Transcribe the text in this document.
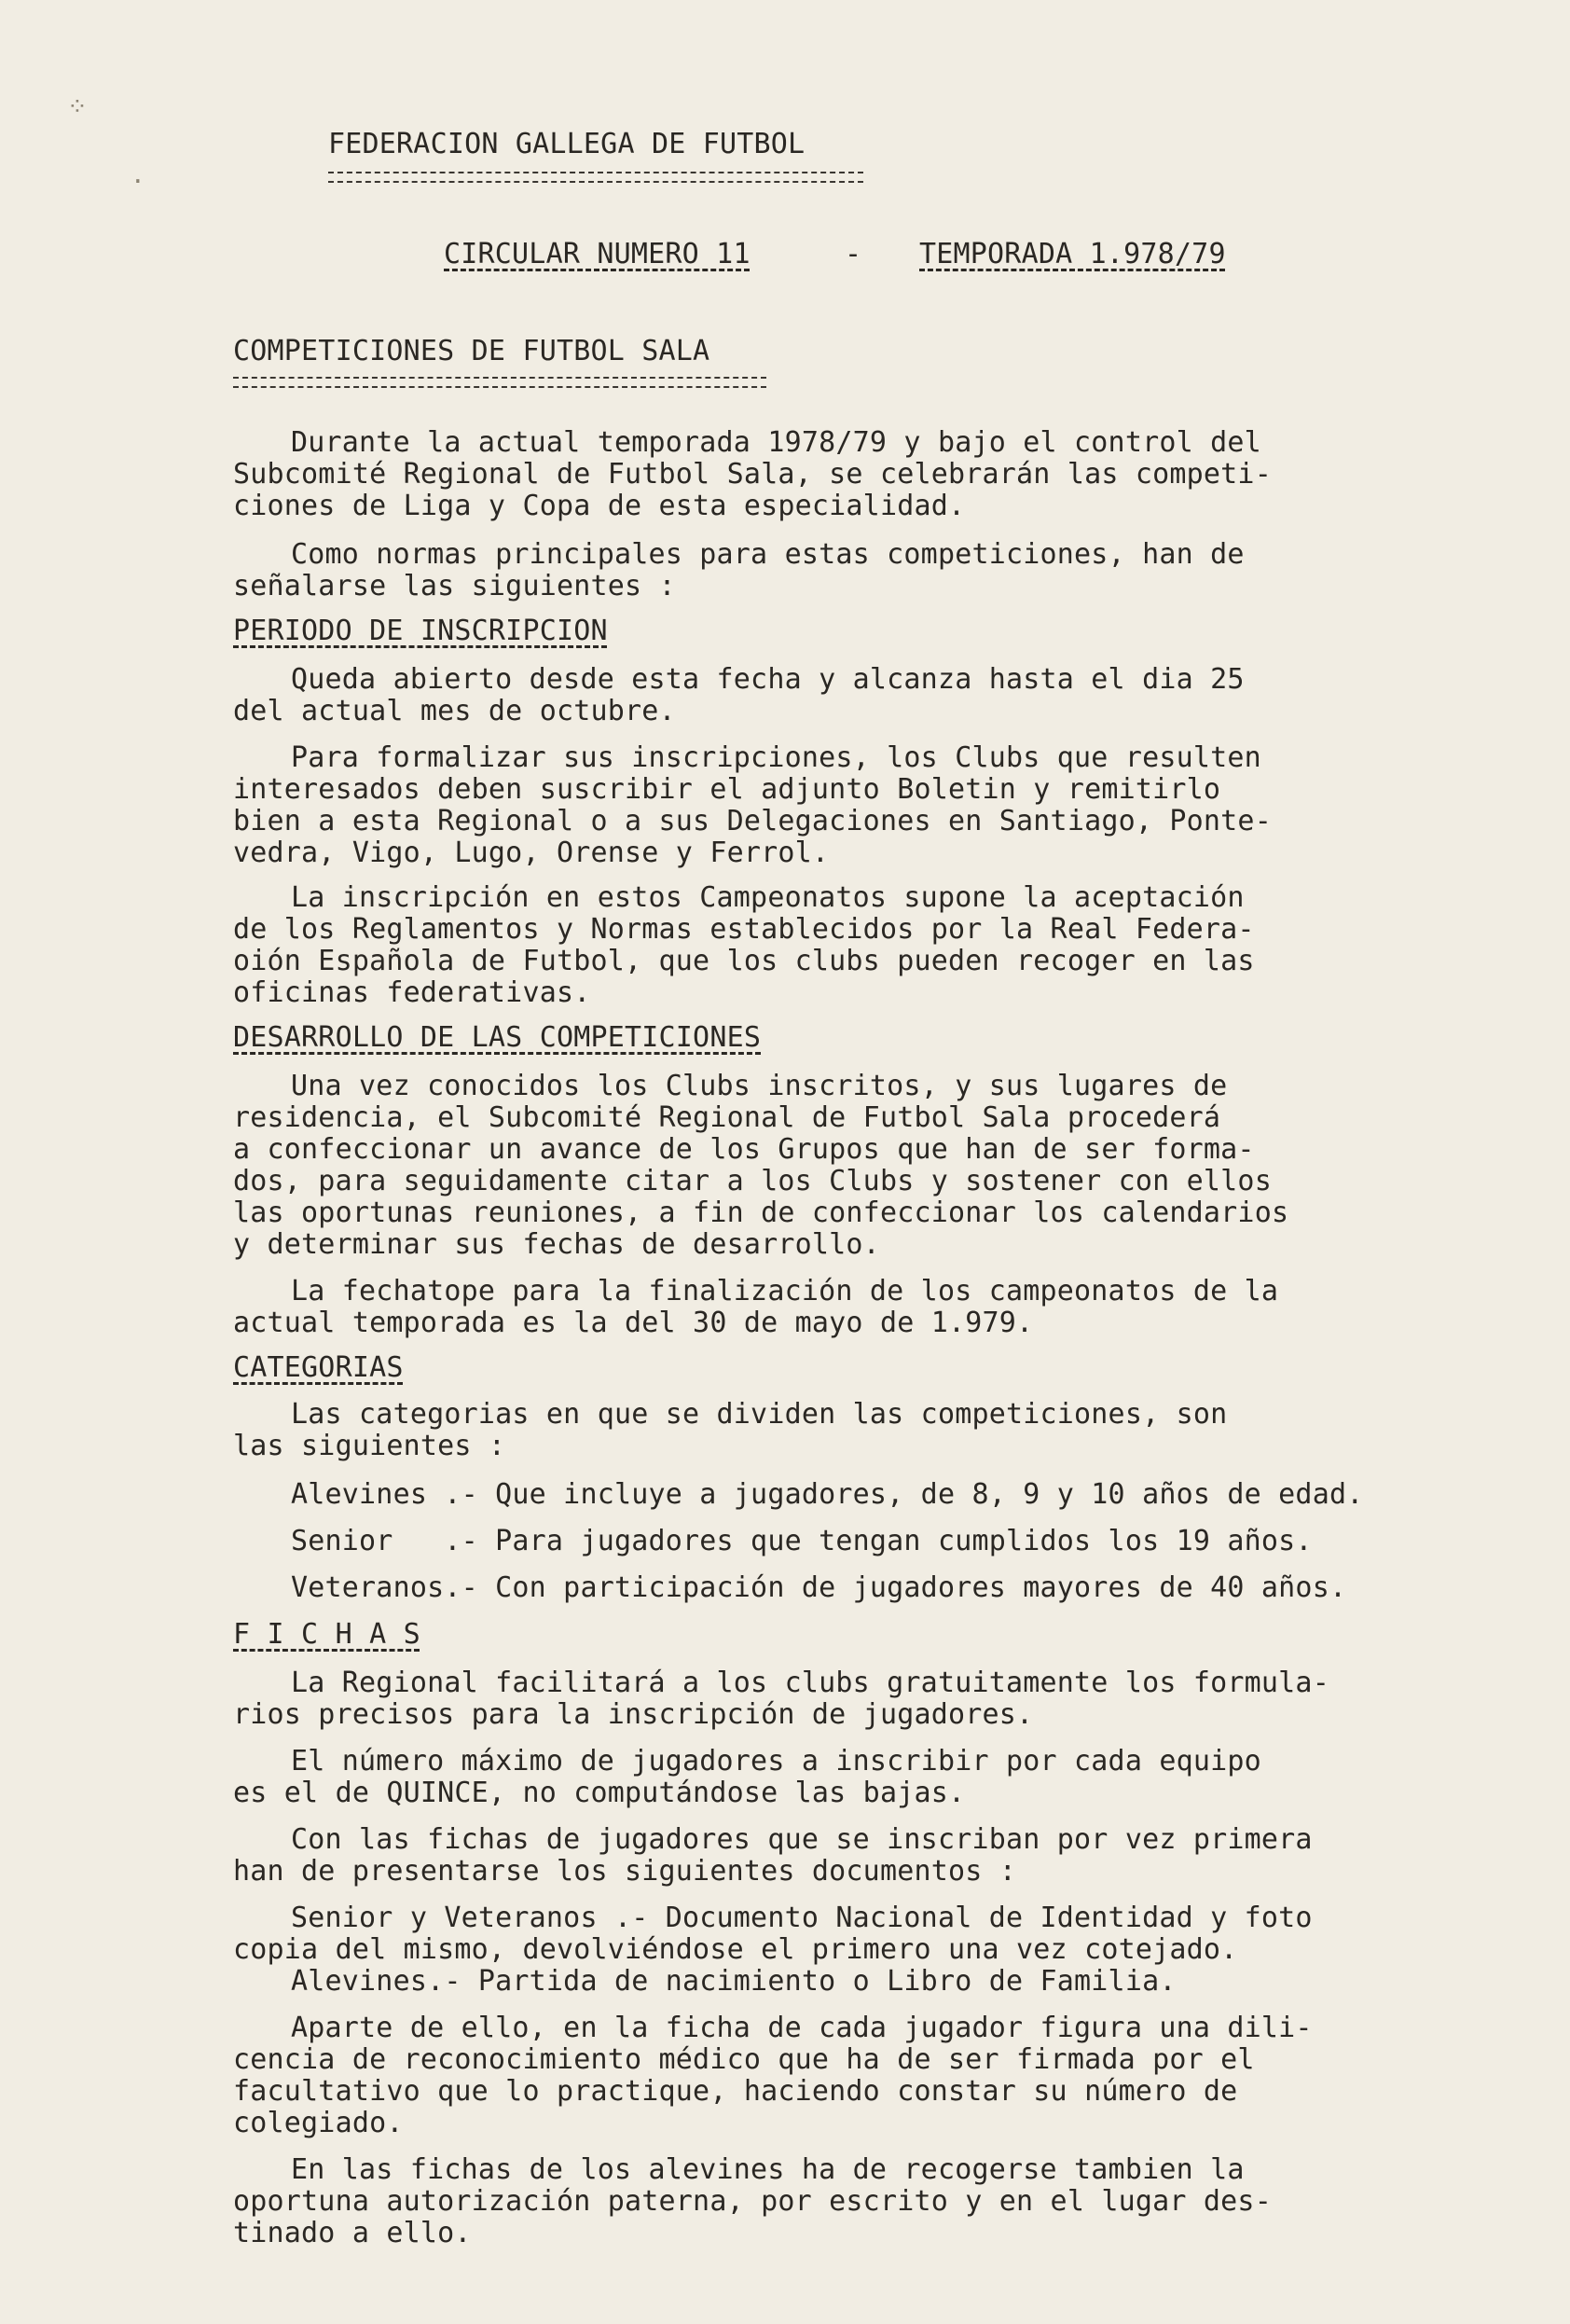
⁘
·
FEDERACION GALLEGA DE FUTBOL
CIRCULAR NUMERO 11	- TEMPORADA 1.978/79
COMPETICIONES DE FUTBOL SALA
Durante la actual temporada 1978/79 y bajo el control del
Subcomité Regional de Futbol Sala, se celebrarán las competi-
ciones de Liga y Copa de esta especialidad.
Como normas principales para estas competiciones, han de
señalarse las siguientes :
PERIODO DE INSCRIPCION
Queda abierto desde esta fecha y alcanza hasta el dia 25
del actual mes de octubre.
Para formalizar sus inscripciones, los Clubs que resulten
interesados deben suscribir el adjunto Boletin y remitirlo
bien a esta Regional o a sus Delegaciones en Santiago, Ponte-
vedra, Vigo, Lugo, Orense y Ferrol.
La inscripción en estos Campeonatos supone la aceptación
de los Reglamentos y Normas establecidos por la Real Federa-
oión Española de Futbol, que los clubs pueden recoger en las
oficinas federativas.
DESARROLLO DE LAS COMPETICIONES
Una vez conocidos los Clubs inscritos, y sus lugares de
residencia, el Subcomité Regional de Futbol Sala procederá
a confeccionar un avance de los Grupos que han de ser forma-
dos, para seguidamente citar a los Clubs y sostener con ellos
las oportunas reuniones, a fin de confeccionar los calendarios
y determinar sus fechas de desarrollo.
La fechatope para la finalización de los campeonatos de la
actual temporada es la del 30 de mayo de 1.979.
CATEGORIAS
Las categorias en que se dividen las competiciones, son
las siguientes :
Alevines .- Que incluye a jugadores, de 8, 9 y 10 años de edad.
Senior   .- Para jugadores que tengan cumplidos los 19 años.
Veteranos.- Con participación de jugadores mayores de 40 años.
F I C H A S
La Regional facilitará a los clubs gratuitamente los formula-
rios precisos para la inscripción de jugadores.
El número máximo de jugadores a inscribir por cada equipo
es el de QUINCE, no computándose las bajas.
Con las fichas de jugadores que se inscriban por vez primera
han de presentarse los siguientes documentos :
Senior y Veteranos .- Documento Nacional de Identidad y foto
copia del mismo, devolviéndose el primero una vez cotejado.
Alevines.- Partida de nacimiento o Libro de Familia.
Aparte de ello, en la ficha de cada jugador figura una dili-
cencia de reconocimiento médico que ha de ser firmada por el
facultativo que lo practique, haciendo constar su número de
colegiado.
En las fichas de los alevines ha de recogerse tambien la
oportuna autorización paterna, por escrito y en el lugar des-
tinado a ello.
